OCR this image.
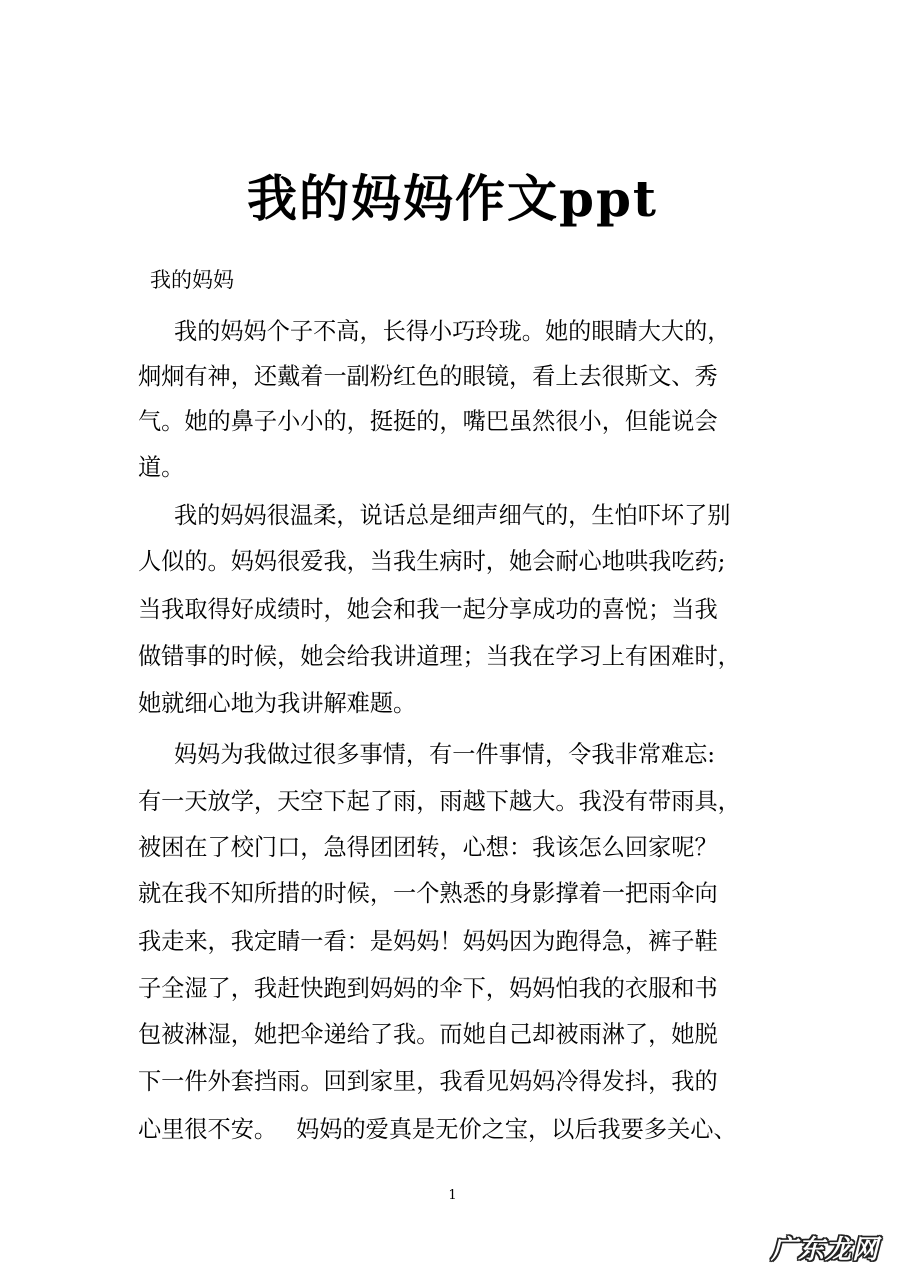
我的妈妈作文ppt
我的妈妈
我的妈妈个子不高，长得小巧玲珑。她的眼睛大大的，
炯炯有神，还戴着一副粉红色的眼镜，看上去很斯文、秀
气。她的鼻子小小的，挺挺的，嘴巴虽然很小，但能说会
道。
我的妈妈很温柔，说话总是细声细气的，生怕吓坏了别
人似的。妈妈很爱我，当我生病时，她会耐心地哄我吃药;
当我取得好成绩时，她会和我一起分享成功的喜悦；当我
做错事的时候，她会给我讲道理；当我在学习上有困难时，
她就细心地为我讲解难题。
妈妈为我做过很多事情，有一件事情，令我非常难忘:
有一天放学，天空下起了雨，雨越下越大。我没有带雨具，
被困在了校门口，急得团团转，心想：我该怎么回家呢？
就在我不知所措的时候，一个熟悉的身影撑着一把雨伞向
我走来，我定睛一看：是妈妈！妈妈因为跑得急，裤子鞋
子全湿了，我赶快跑到妈妈的伞下，妈妈怕我的衣服和书
包被淋湿，她把伞递给了我。而她自己却被雨淋了，她脱
下一件外套挡雨。回到家里，我看见妈妈冷得发抖，我的
心里很不安。　 妈妈的爱真是无价之宝，以后我要多关心、
1
广东龙网
